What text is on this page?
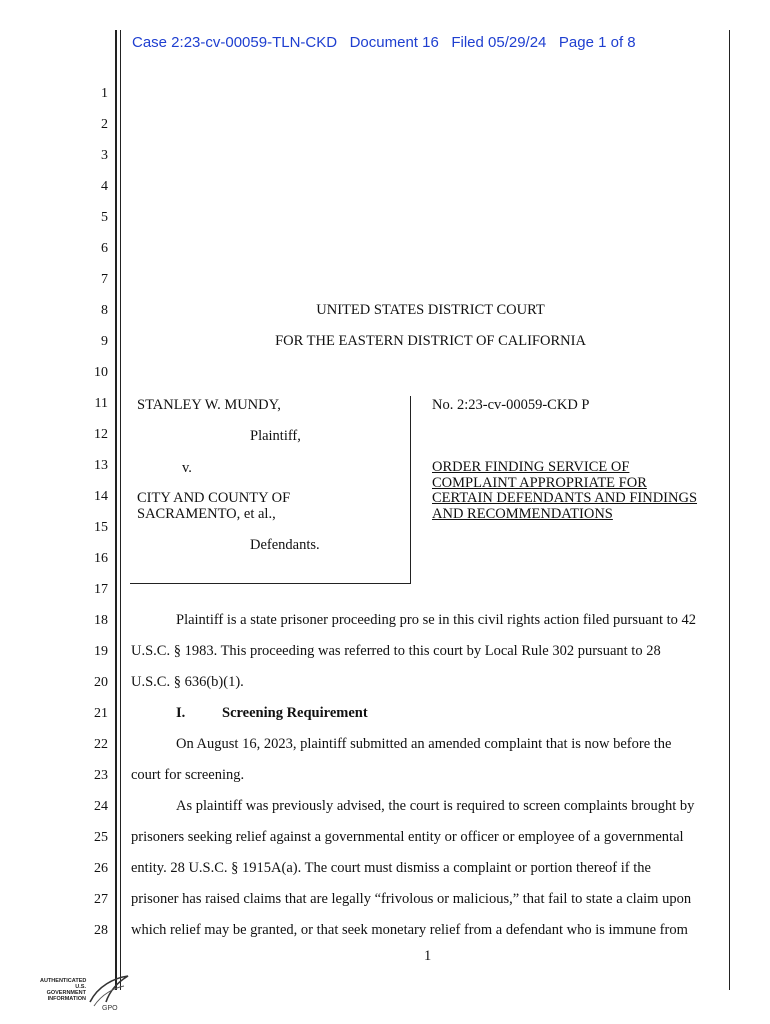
Case 2:23-cv-00059-TLN-CKD Document 16 Filed 05/29/24 Page 1 of 8
1
2
3
4
5
6
7
8
9
10
11
12
13
14
15
16
17
18
19
20
21
22
23
24
25
26
27
28
UNITED STATES DISTRICT COURT
FOR THE EASTERN DISTRICT OF CALIFORNIA
STANLEY W. MUNDY,
Plaintiff,
v.
CITY AND COUNTY OF
SACRAMENTO, et al.,
Defendants.
No. 2:23-cv-00059-CKD P
ORDER FINDING SERVICE OF
COMPLAINT APPROPRIATE FOR
CERTAIN DEFENDANTS AND FINDINGS
AND RECOMMENDATIONS
Plaintiff is a state prisoner proceeding pro se in this civil rights action filed pursuant to 42
U.S.C. § 1983. This proceeding was referred to this court by Local Rule 302 pursuant to 28
U.S.C. § 636(b)(1).
I.	Screening Requirement
On August 16, 2023, plaintiff submitted an amended complaint that is now before the
court for screening.
As plaintiff was previously advised, the court is required to screen complaints brought by
prisoners seeking relief against a governmental entity or officer or employee of a governmental
entity. 28 U.S.C. § 1915A(a). The court must dismiss a complaint or portion thereof if the
prisoner has raised claims that are legally “frivolous or malicious,” that fail to state a claim upon
which relief may be granted, or that seek monetary relief from a defendant who is immune from
1
AUTHENTICATED
U.S. GOVERNMENT
INFORMATION
GPO
